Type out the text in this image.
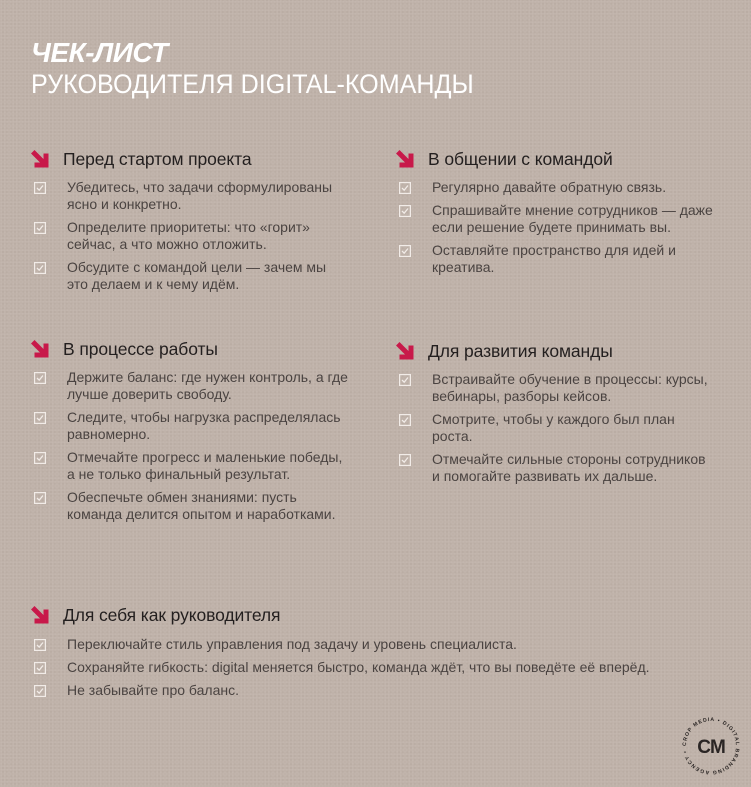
ЧЕК-ЛИСТ
РУКОВОДИТЕЛЯ DIGITAL-КОМАНДЫ
Перед стартом проекта
Убедитесь, что задачи сформулированы ясно и конкретно.
Определите приоритеты: что «горит» сейчас, а что можно отложить.
Обсудите с командой цели — зачем мы это делаем и к чему идём.
В общении с командой
Регулярно давайте обратную связь.
Спрашивайте мнение сотрудников — даже если решение будете принимать вы.
Оставляйте пространство для идей и креатива.
В процессе работы
Держите баланс: где нужен контроль, а где лучше доверить свободу.
Следите, чтобы нагрузка распределялась равномерно.
Отмечайте прогресс и маленькие победы, а не только финальный результат.
Обеспечьте обмен знаниями: пусть команда делится опытом и наработками.
Для развития команды
Встраивайте обучение в процессы: курсы, вебинары, разборы кейсов.
Смотрите, чтобы у каждого был план роста.
Отмечайте сильные стороны сотрудников и помогайте развивать их дальше.
Для себя как руководителя
Переключайте стиль управления под задачу и уровень специалиста.
Сохраняйте гибкость: digital меняется быстро, команда ждёт, что вы поведёте её вперёд.
Не забывайте про баланс.
CROP MEDIA • DIGITAL BRANDING AGENCY • CM
